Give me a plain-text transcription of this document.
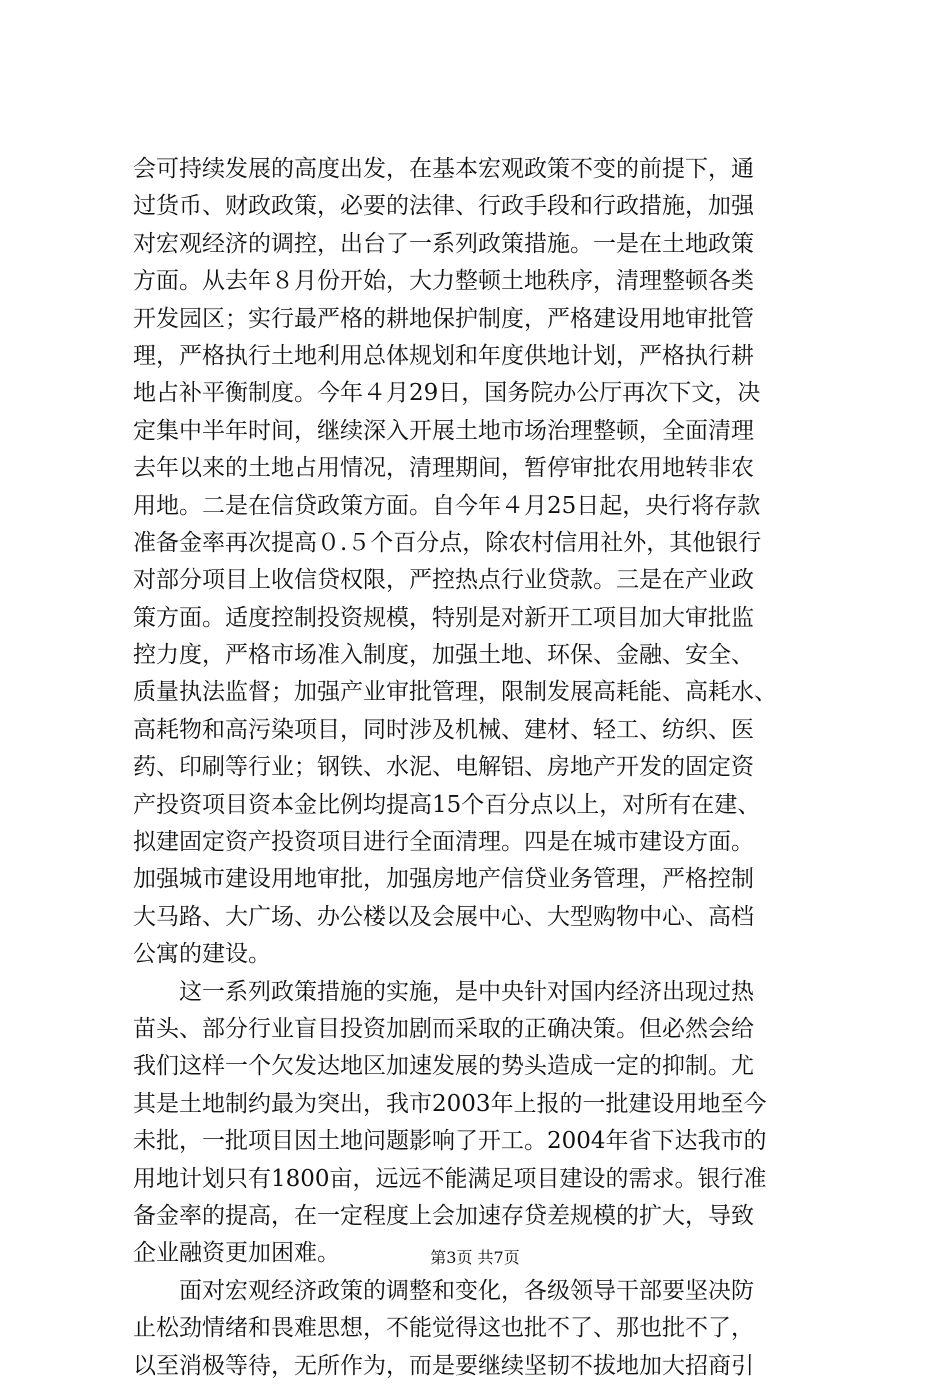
会可持续发展的高度出发，在基本宏观政策不变的前提下，通
过货币、财政政策，必要的法律、行政手段和行政措施，加强
对宏观经济的调控，出台了一系列政策措施。一是在土地政策
方面。从去年８月份开始，大力整顿土地秩序，清理整顿各类
开发园区；实行最严格的耕地保护制度，严格建设用地审批管
理，严格执行土地利用总体规划和年度供地计划，严格执行耕
地占补平衡制度。今年４月29日，国务院办公厅再次下文，决
定集中半年时间，继续深入开展土地市场治理整顿，全面清理
去年以来的土地占用情况，清理期间，暂停审批农用地转非农
用地。二是在信贷政策方面。自今年４月25日起，央行将存款
准备金率再次提高０.５个百分点，除农村信用社外，其他银行
对部分项目上收信贷权限，严控热点行业贷款。三是在产业政
策方面。适度控制投资规模，特别是对新开工项目加大审批监
控力度，严格市场准入制度，加强土地、环保、金融、安全、
质量执法监督；加强产业审批管理，限制发展高耗能、高耗水、
高耗物和高污染项目，同时涉及机械、建材、轻工、纺织、医
药、印刷等行业；钢铁、水泥、电解铝、房地产开发的固定资
产投资项目资本金比例均提高15个百分点以上，对所有在建、
拟建固定资产投资项目进行全面清理。四是在城市建设方面。
加强城市建设用地审批，加强房地产信贷业务管理，严格控制
大马路、大广场、办公楼以及会展中心、大型购物中心、高档
公寓的建设。
　　这一系列政策措施的实施，是中央针对国内经济出现过热
苗头、部分行业盲目投资加剧而采取的正确决策。但必然会给
我们这样一个欠发达地区加速发展的势头造成一定的抑制。尤
其是土地制约最为突出，我市2003年上报的一批建设用地至今
未批，一批项目因土地问题影响了开工。2004年省下达我市的
用地计划只有1800亩，远远不能满足项目建设的需求。银行准
备金率的提高，在一定程度上会加速存贷差规模的扩大，导致
企业融资更加困难。
　　面对宏观经济政策的调整和变化，各级领导干部要坚决防
止松劲情绪和畏难思想，不能觉得这也批不了、那也批不了，
以至消极等待，无所作为，而是要继续坚韧不拔地加大招商引
第3页 共7页
